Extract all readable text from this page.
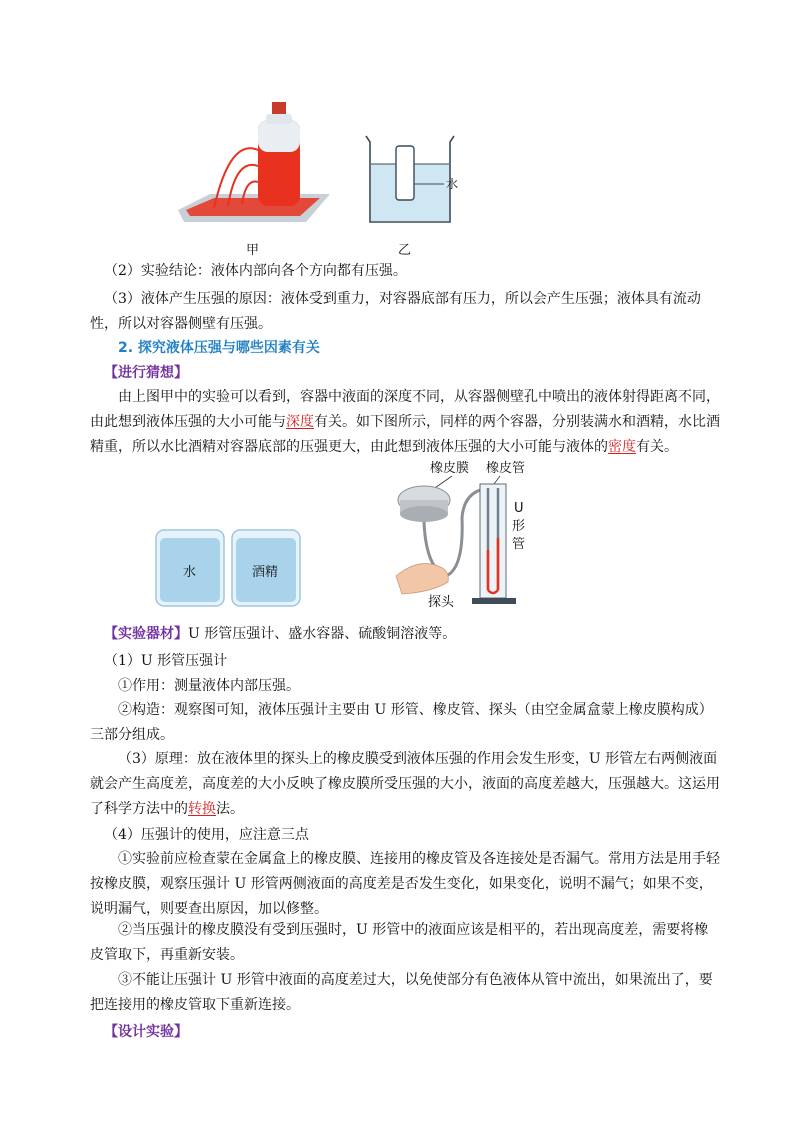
甲
水
乙

（2）实验结论：液体内部向各个方向都有压强。

（3）液体产生压强的原因：液体受到重力，对容器底部有压力，所以会产生压强；液体具有流动性，所以对容器侧壁有压强。

2. 探究液体压强与哪些因素有关

【进行猜想】

由上图甲中的实验可以看到，容器中液面的深度不同，从容器侧壁孔中喷出的液体射得距离不同，由此想到液体压强的大小可能与深度有关。如下图所示，同样的两个容器，分别装满水和酒精，水比酒精重，所以水比酒精对容器底部的压强更大，由此想到液体压强的大小可能与液体的密度有关。

水	酒精
橡皮膜 橡皮管
探头
U
形
管

【实验器材】U 形管压强计、盛水容器、硫酸铜溶液等。

（1）U 形管压强计

①作用：测量液体内部压强。

②构造：观察图可知，液体压强计主要由 U 形管、橡皮管、探头（由空金属盒蒙上橡皮膜构成）三部分组成。

（3）原理：放在液体里的探头上的橡皮膜受到液体压强的作用会发生形变，U 形管左右两侧液面就会产生高度差，高度差的大小反映了橡皮膜所受压强的大小，液面的高度差越大，压强越大。这运用了科学方法中的转换法。

（4）压强计的使用，应注意三点

①实验前应检查蒙在金属盒上的橡皮膜、连接用的橡皮管及各连接处是否漏气。常用方法是用手轻按橡皮膜，观察压强计 U 形管两侧液面的高度差是否发生变化，如果变化，说明不漏气；如果不变，说明漏气，则要查出原因，加以修整。

②当压强计的橡皮膜没有受到压强时，U 形管中的液面应该是相平的，若出现高度差，需要将橡皮管取下，再重新安装。

③不能让压强计 U 形管中液面的高度差过大，以免使部分有色液体从管中流出，如果流出了，要把连接用的橡皮管取下重新连接。

【设计实验】
